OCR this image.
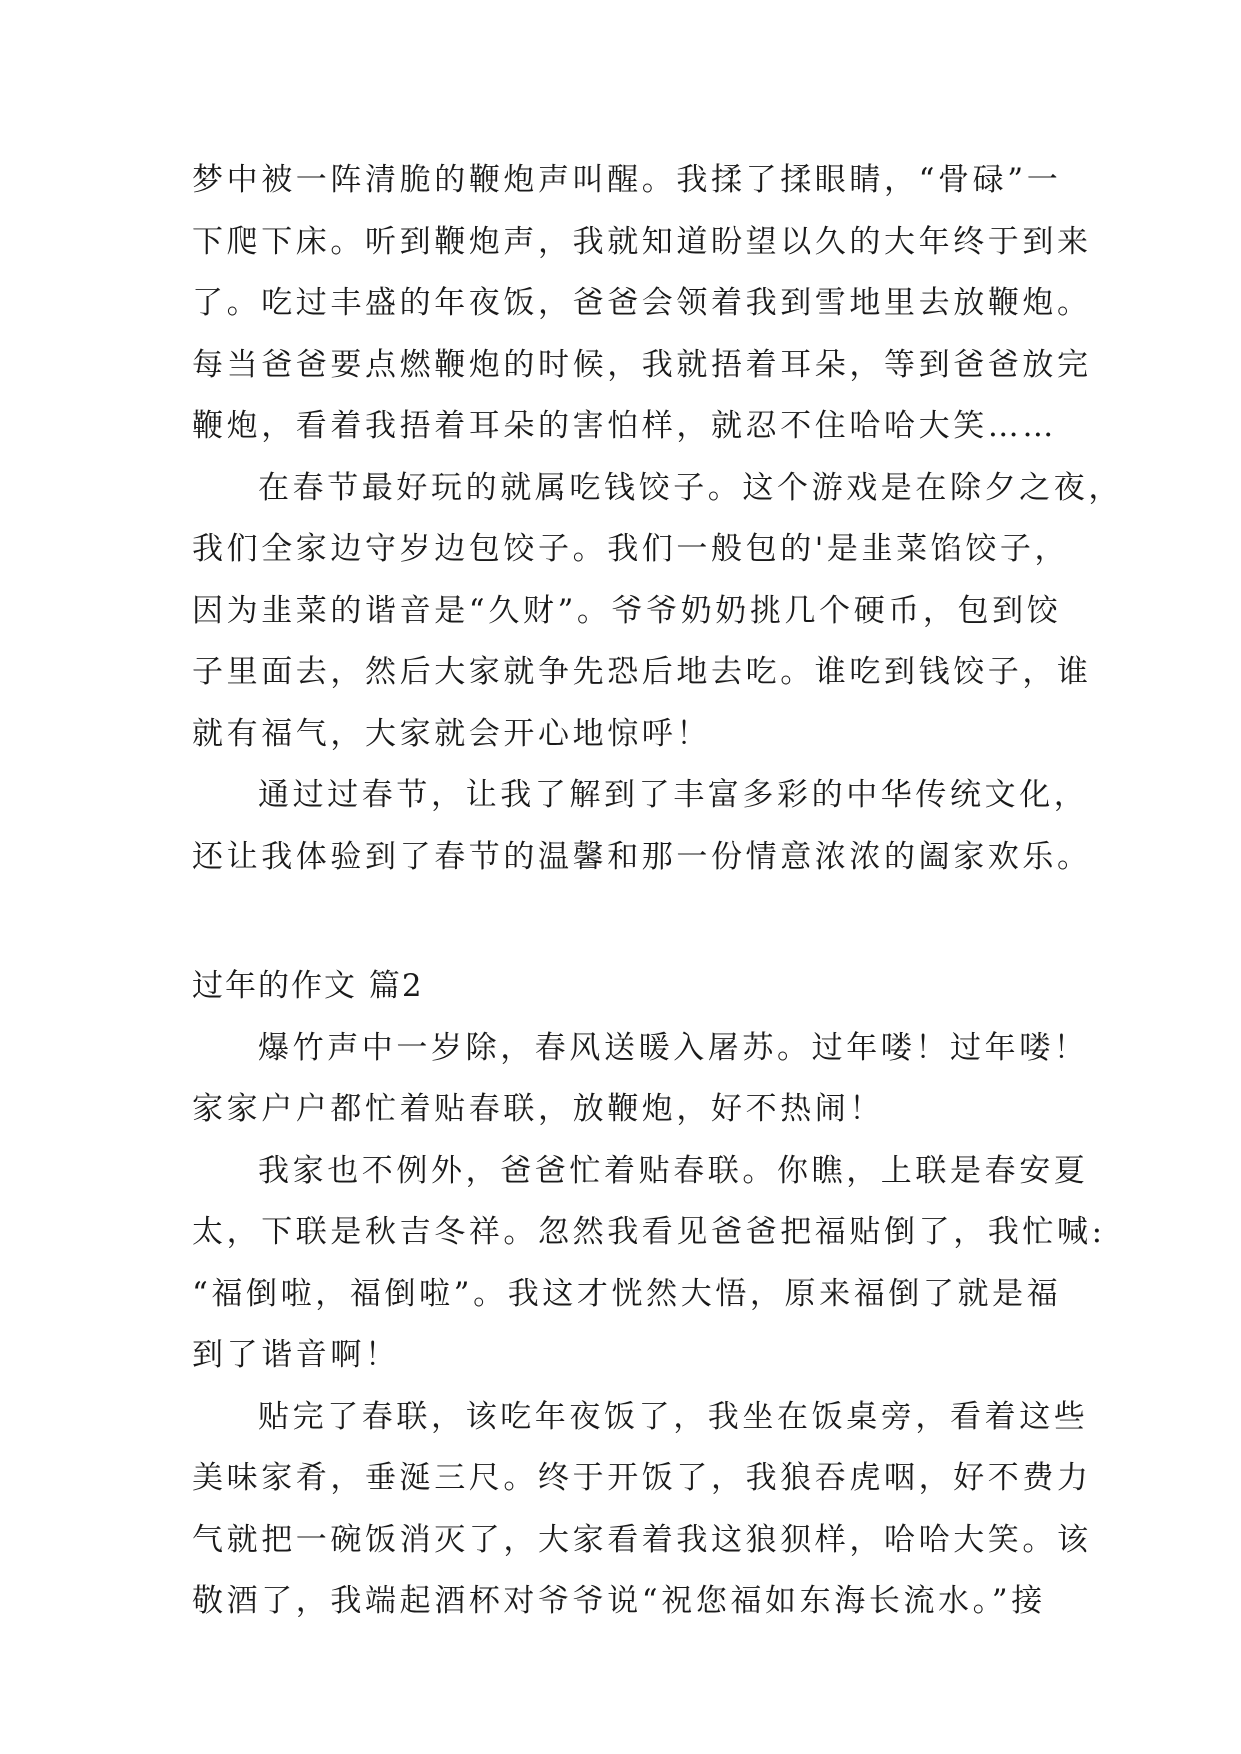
梦中被一阵清脆的鞭炮声叫醒。我揉了揉眼睛，“骨碌”一
下爬下床。听到鞭炮声，我就知道盼望以久的大年终于到来
了。吃过丰盛的年夜饭，爸爸会领着我到雪地里去放鞭炮。
每当爸爸要点燃鞭炮的时候，我就捂着耳朵，等到爸爸放完
鞭炮，看着我捂着耳朵的害怕样，就忍不住哈哈大笑……
在春节最好玩的就属吃钱饺子。这个游戏是在除夕之夜，
我们全家边守岁边包饺子。我们一般包的'是韭菜馅饺子，
因为韭菜的谐音是“久财”。爷爷奶奶挑几个硬币，包到饺
子里面去，然后大家就争先恐后地去吃。谁吃到钱饺子，谁
就有福气，大家就会开心地惊呼！
通过过春节，让我了解到了丰富多彩的中华传统文化，
还让我体验到了春节的温馨和那一份情意浓浓的阖家欢乐。
过年的作文 篇2
爆竹声中一岁除，春风送暖入屠苏。过年喽！过年喽！
家家户户都忙着贴春联，放鞭炮，好不热闹！
我家也不例外，爸爸忙着贴春联。你瞧，上联是春安夏
太，下联是秋吉冬祥。忽然我看见爸爸把福贴倒了，我忙喊:
“福倒啦，福倒啦”。我这才恍然大悟，原来福倒了就是福
到了谐音啊！
贴完了春联，该吃年夜饭了，我坐在饭桌旁，看着这些
美味家肴，垂涎三尺。终于开饭了，我狼吞虎咽，好不费力
气就把一碗饭消灭了，大家看着我这狼狈样，哈哈大笑。该
敬酒了，我端起酒杯对爷爷说“祝您福如东海长流水。”接
